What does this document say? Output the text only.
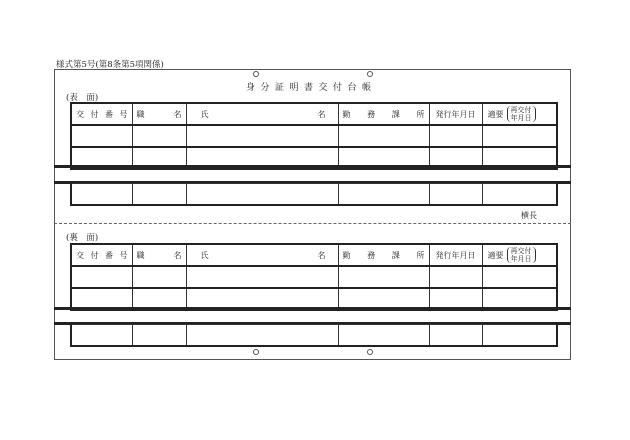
様式第5号(第8条第5項関係)
身分証明書交付台帳
(表　面)
交 付 番 号	職 名	氏 名	勤 務 課 所	発行年月日	適要 再交付
年月日

横長
(裏　面)
交 付 番 号	職 名	氏 名	勤 務 課 所	発行年月日	適要 再交付
年月日
